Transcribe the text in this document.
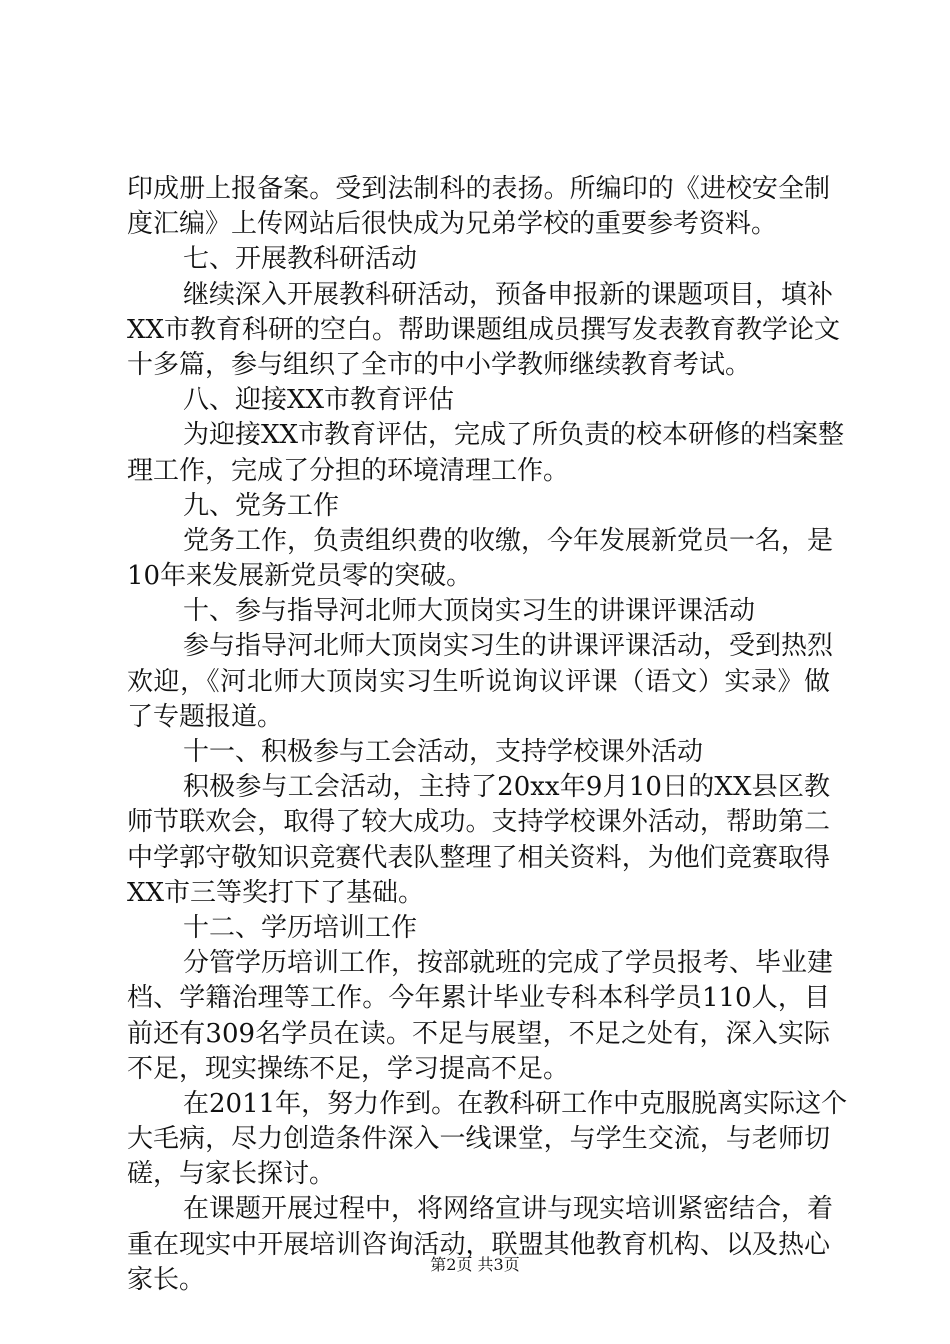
印成册上报备案。受到法制科的表扬。所编印的《进校安全制
度汇编》上传网站后很快成为兄弟学校的重要参考资料。
七、开展教科研活动
继续深入开展教科研活动，预备申报新的课题项目，填补
XX市教育科研的空白。帮助课题组成员撰写发表教育教学论文
十多篇，参与组织了全市的中小学教师继续教育考试。
八、迎接XX市教育评估
为迎接XX市教育评估，完成了所负责的校本研修的档案整
理工作，完成了分担的环境清理工作。
九、党务工作
党务工作，负责组织费的收缴，今年发展新党员一名，是
10年来发展新党员零的突破。
十、参与指导河北师大顶岗实习生的讲课评课活动
参与指导河北师大顶岗实习生的讲课评课活动，受到热烈
欢迎，《河北师大顶岗实习生听说询议评课（语文）实录》做
了专题报道。
十一、积极参与工会活动，支持学校课外活动
积极参与工会活动，主持了20xx年9月10日的XX县区教
师节联欢会，取得了较大成功。支持学校课外活动，帮助第二
中学郭守敬知识竞赛代表队整理了相关资料，为他们竞赛取得
XX市三等奖打下了基础。
十二、学历培训工作
分管学历培训工作，按部就班的完成了学员报考、毕业建
档、学籍治理等工作。今年累计毕业专科本科学员110人，目
前还有309名学员在读。不足与展望，不足之处有，深入实际
不足，现实操练不足，学习提高不足。
在2011年，努力作到。在教科研工作中克服脱离实际这个
大毛病，尽力创造条件深入一线课堂，与学生交流，与老师切
磋，与家长探讨。
在课题开展过程中，将网络宣讲与现实培训紧密结合，着
重在现实中开展培训咨询活动，联盟其他教育机构、以及热心
家长。
第2页 共3页
